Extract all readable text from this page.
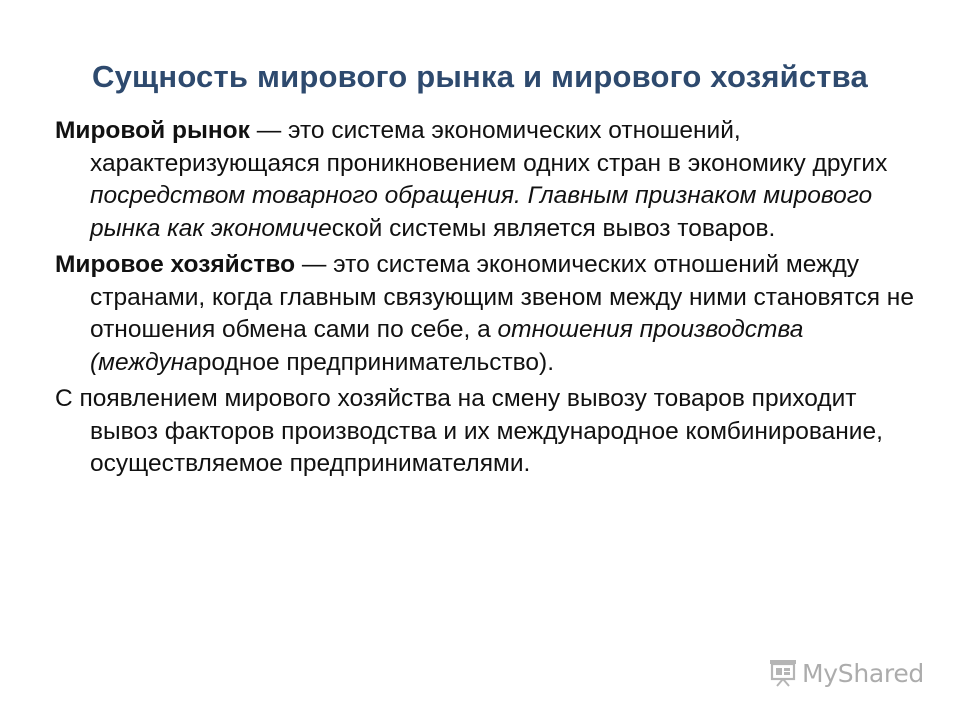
Сущность мирового рынка и мирового хозяйства

Мировой рынок — это система экономических отношений, характеризующаяся проникновением одних стран в экономику других посредством товарного обращения. Главным признаком мирового рынка как экономической системы является вывоз товаров.

Мировое хозяйство — это система экономических отношений между странами, когда главным связующим звеном между ними становятся не отношения обмена сами по себе, а отношения производства (международное предпринимательство).

С появлением мирового хозяйства на смену вывозу товаров приходит вывоз факторов производства и их международное комбинирование, осуществляемое предпринимателями.

MyShared
